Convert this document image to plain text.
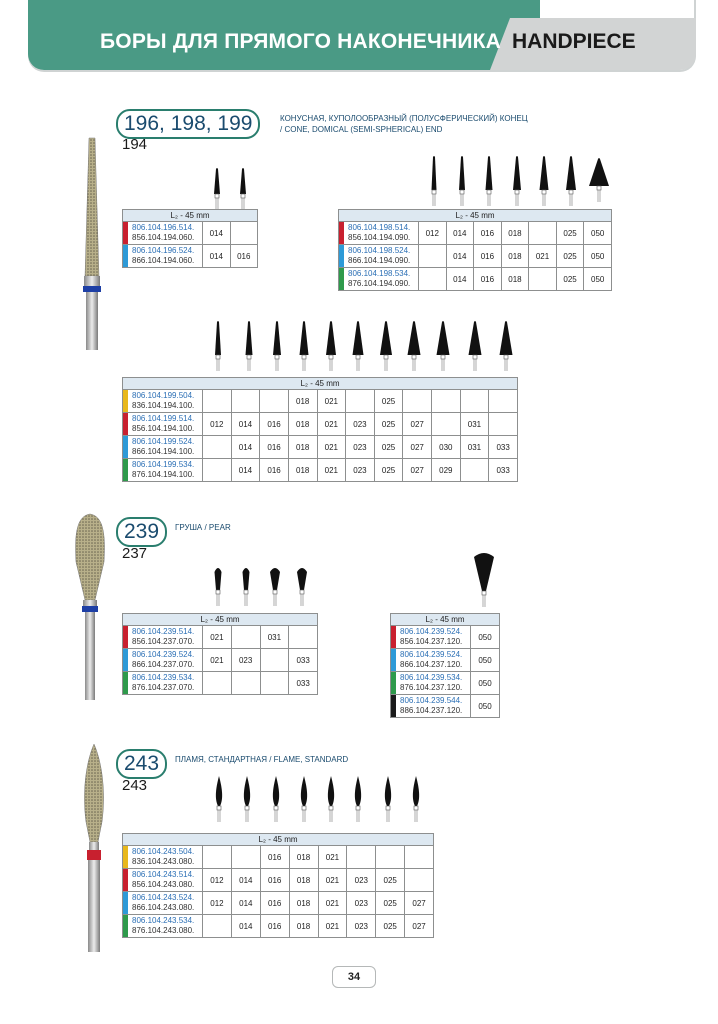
БОРЫ ДЛЯ ПРЯМОГО НАКОНЕЧНИКА HANDPIECE
196, 198, 199
194
КОНУСНАЯ, КУПОЛООБРАЗНЫЙ (ПОЛУСФЕРИЧЕСКИЙ) КОНЕЦ
/ CONE, DOMICAL (SEMI-SPHERICAL) END
L₂ - 45 mm		
806.104.196.514.
856.104.194.060.	014	
806.104.196.524.
866.104.194.060.	014	016
L₂ - 45 mm							
806.104.198.514.
856.104.194.090.	012	014	016	018		025	050
806.104.198.524.
866.104.194.090.		014	016	018	021	025	050
806.104.198.534.
876.104.194.090.		014	016	018		025	050
L₂ - 45 mm											
806.104.199.504.
836.104.194.100.				018	021		025				
806.104.199.514.
856.104.194.100.	012	014	016	018	021	023	025	027		031	
806.104.199.524.
866.104.194.100.		014	016	018	021	023	025	027	030	031	033
806.104.199.534.
876.104.194.100.		014	016	018	021	023	025	027	029		033
239
237
ГРУША / PEAR
L₂ - 45 mm				
806.104.239.514.
856.104.237.070.	021		031	
806.104.239.524.
866.104.237.070.	021	023		033
806.104.239.534.
876.104.237.070.				033
L₂ - 45 mm	
806.104.239.524.
856.104.237.120.	050
806.104.239.524.
866.104.237.120.	050
806.104.239.534.
876.104.237.120.	050
806.104.239.544.
886.104.237.120.	050
243
243
ПЛАМЯ, СТАНДАРТНАЯ / FLAME, STANDARD
L₂ - 45 mm								
806.104.243.504.
836.104.243.080.			016	018	021			
806.104.243.514.
856.104.243.080.	012	014	016	018	021	023	025	
806.104.243.524.
866.104.243.080.	012	014	016	018	021	023	025	027
806.104.243.534.
876.104.243.080.		014	016	018	021	023	025	027
34
